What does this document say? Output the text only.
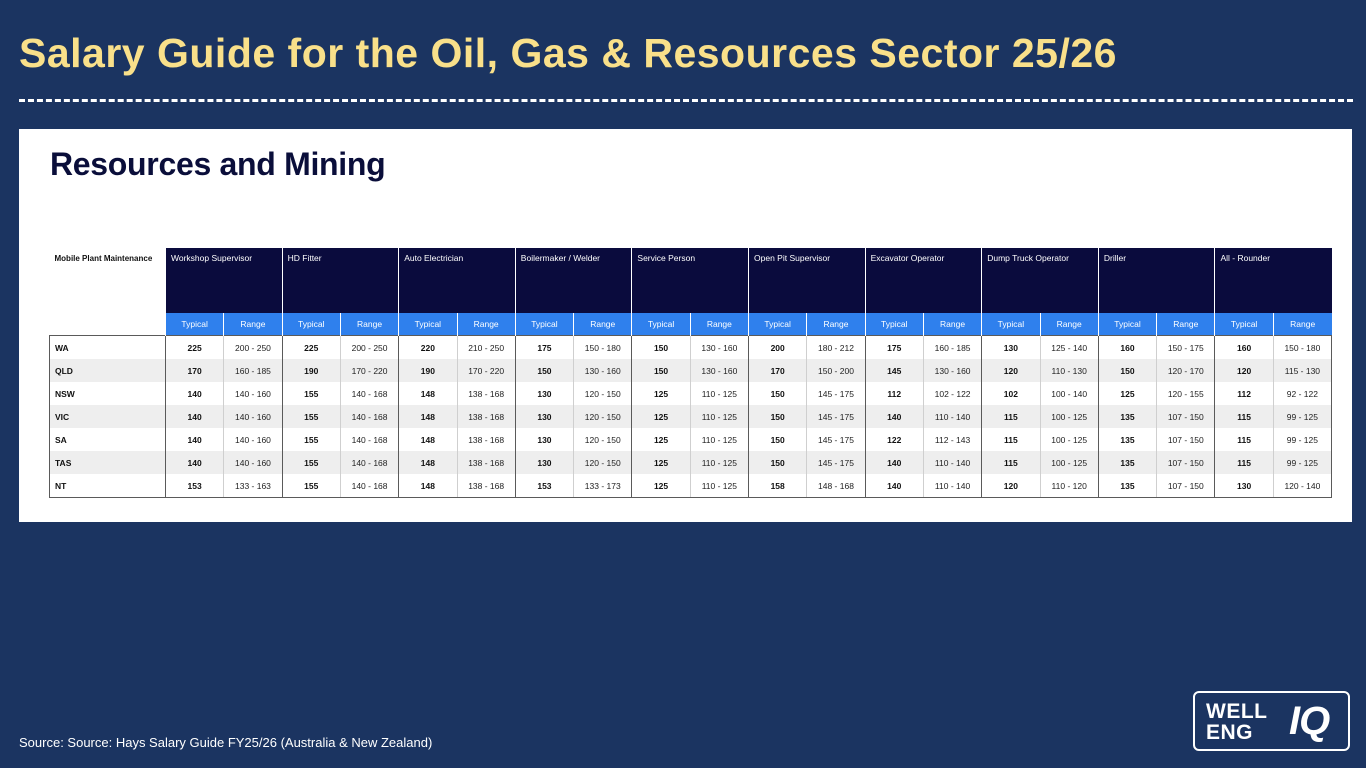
Salary Guide for the Oil, Gas & Resources Sector 25/26
Resources and Mining
Mobile Plant Maintenance	Workshop Supervisor		HD Fitter		Auto Electrician		Boilermaker / Welder		Service Person		Open Pit Supervisor		Excavator Operator		Dump Truck Operator		Driller		All - Rounder	
	Typical	Range	Typical	Range	Typical	Range	Typical	Range	Typical	Range	Typical	Range	Typical	Range	Typical	Range	Typical	Range	Typical	Range
WA	225	200 - 250	225	200 - 250	220	210 - 250	175	150 - 180	150	130 - 160	200	180 - 212	175	160 - 185	130	125 - 140	160	150 - 175	160	150 - 180
QLD	170	160 - 185	190	170 - 220	190	170 - 220	150	130 - 160	150	130 - 160	170	150 - 200	145	130 - 160	120	110 - 130	150	120 - 170	120	115 - 130
NSW	140	140 - 160	155	140 - 168	148	138 - 168	130	120 - 150	125	110 - 125	150	145 - 175	112	102 - 122	102	100 - 140	125	120 - 155	112	92 - 122
VIC	140	140 - 160	155	140 - 168	148	138 - 168	130	120 - 150	125	110 - 125	150	145 - 175	140	110 - 140	115	100 - 125	135	107 - 150	115	99 - 125
SA	140	140 - 160	155	140 - 168	148	138 - 168	130	120 - 150	125	110 - 125	150	145 - 175	122	112 - 143	115	100 - 125	135	107 - 150	115	99 - 125
TAS	140	140 - 160	155	140 - 168	148	138 - 168	130	120 - 150	125	110 - 125	150	145 - 175	140	110 - 140	115	100 - 125	135	107 - 150	115	99 - 125
NT	153	133 - 163	155	140 - 168	148	138 - 168	153	133 - 173	125	110 - 125	158	148 - 168	140	110 - 140	120	110 - 120	135	107 - 150	130	120 - 140
Source: Source: Hays Salary Guide FY25/26 (Australia & New Zealand)
WELL
ENG IQ
